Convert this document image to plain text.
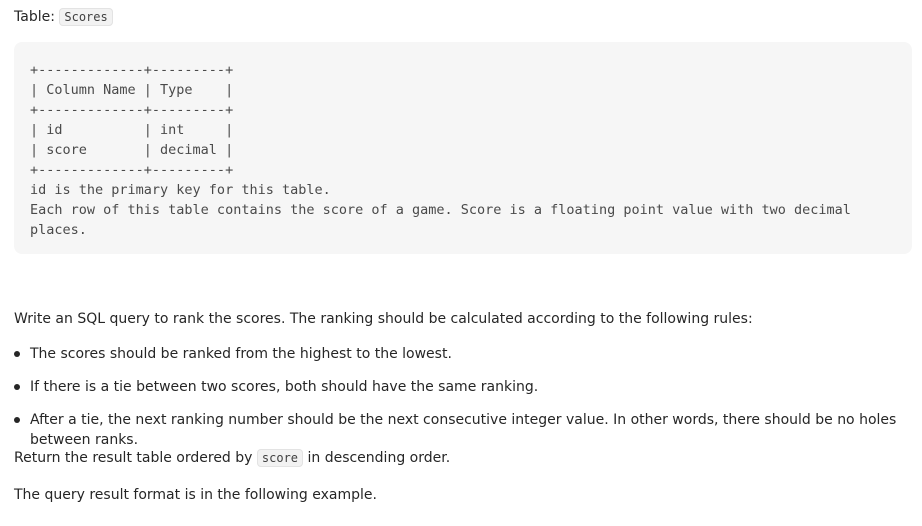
Table: Scores
+-------------+---------+
| Column Name | Type    |
+-------------+---------+
| id          | int     |
| score       | decimal |
+-------------+---------+
id is the primary key for this table.
Each row of this table contains the score of a game. Score is a floating point value with two decimal
places.

Write an SQL query to rank the scores. The ranking should be calculated according to the following rules:

The scores should be ranked from the highest to the lowest.
If there is a tie between two scores, both should have the same ranking.
After a tie, the next ranking number should be the next consecutive integer value. In other words, there should be no holes between ranks.

Return the result table ordered by score in descending order.

The query result format is in the following example.
